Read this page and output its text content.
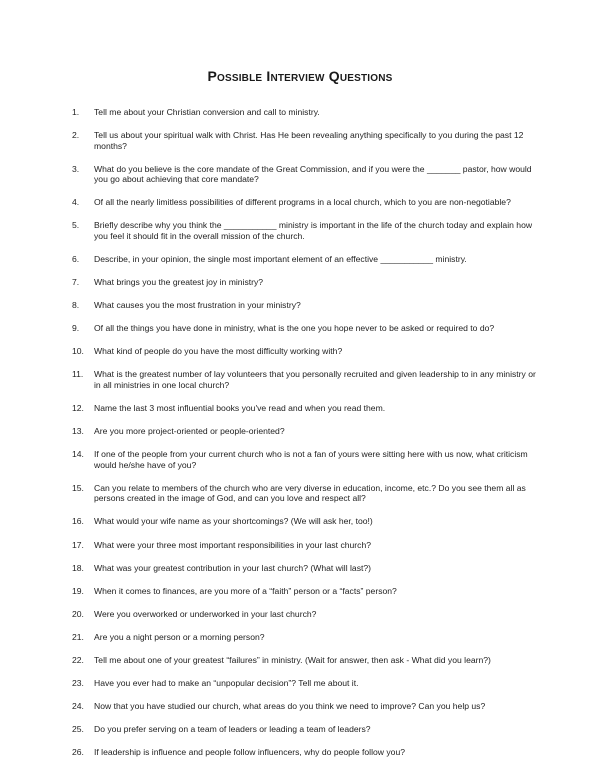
Possible Interview Questions
1.	Tell me about your Christian conversion and call to ministry.
2.	Tell us about your spiritual walk with Christ. Has He been revealing anything specifically to you during the past 12 months?
3.	What do you believe is the core mandate of the Great Commission, and if you were the _______ pastor, how would you go about achieving that core mandate?
4.	Of all the nearly limitless possibilities of different programs in a local church, which to you are non-negotiable?
5.	Briefly describe why you think the ___________ ministry is important in the life of the church today and explain how you feel it should fit in the overall mission of the church.
6.	Describe, in your opinion, the single most important element of an effective ___________ ministry.
7.	What brings you the greatest joy in ministry?
8.	What causes you the most frustration in your ministry?
9.	Of all the things you have done in ministry, what is the one you hope never to be asked or required to do?
10.	What kind of people do you have the most difficulty working with?
11.	What is the greatest number of lay volunteers that you personally recruited and given leadership to in any ministry or in all ministries in one local church?
12.	Name the last 3 most influential books you've read and when you read them.
13.	Are you more project-oriented or people-oriented?
14.	If one of the people from your current church who is not a fan of yours were sitting here with us now, what criticism would he/she have of you?
15.	Can you relate to members of the church who are very diverse in education, income, etc.? Do you see them all as persons created in the image of God, and can you love and respect all?
16.	What would your wife name as your shortcomings? (We will ask her, too!)
17.	What were your three most important responsibilities in your last church?
18.	What was your greatest contribution in your last church? (What will last?)
19.	When it comes to finances, are you more of a “faith” person or a “facts” person?
20.	Were you overworked or underworked in your last church?
21.	Are you a night person or a morning person?
22.	Tell me about one of your greatest “failures” in ministry. (Wait for answer, then ask - What did you learn?)
23.	Have you ever had to make an “unpopular decision”? Tell me about it.
24.	Now that you have studied our church, what areas do you think we need to improve? Can you help us?
25.	Do you prefer serving on a team of leaders or leading a team of leaders?
26.	If leadership is influence and people follow influencers, why do people follow you?
